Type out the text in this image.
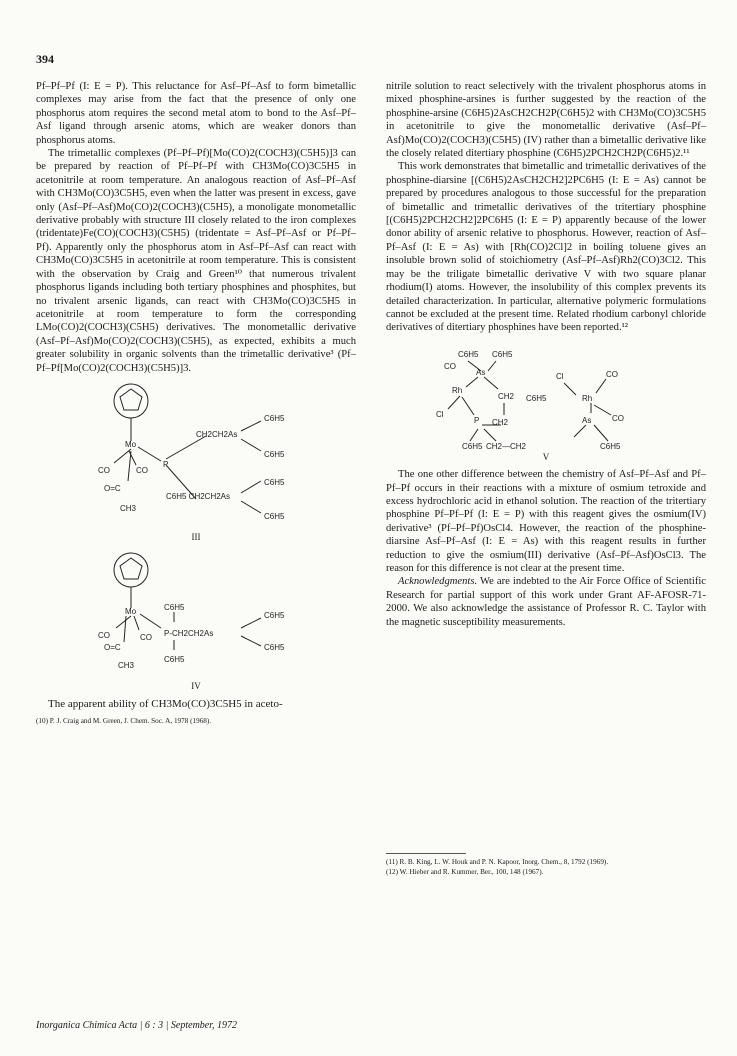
394

Pf–Pf–Pf (I: E = P). This reluctance for Asf–Pf–Asf to form bimetallic complexes may arise from the fact that the presence of only one phosphorus atom requires the second metal atom to bond to the Asf–Pf–Asf ligand through arsenic atoms, which are weaker donors than phosphorus atoms.

The trimetallic complexes (Pf–Pf–Pf)[Mo(CO)2(COCH3)(C5H5)]3 can be prepared by reaction of Pf–Pf–Pf with CH3Mo(CO)3C5H5 in acetonitrile at room temperature. An analogous reaction of Asf–Pf–Asf with CH3Mo(CO)3C5H5, even when the latter was present in excess, gave only (Asf–Pf–Asf)Mo(CO)2(COCH3)(C5H5), a monoligate monometallic derivative probably with structure III closely related to the iron complexes (tridentate)Fe(CO)(COCH3)(C5H5) (tridentate = Asf–Pf–Asf or Pf–Pf–Pf). Apparently only the phosphorus atom in Asf–Pf–Asf can react with CH3Mo(CO)3C5H5 in acetonitrile at room temperature. This is consistent with the observation by Craig and Green¹⁰ that numerous trivalent phosphorus ligands including both tertiary phosphines and phosphites, but no trivalent arsenic ligands, can react with CH3Mo(CO)3C5H5 in acetonitrile at room temperature to form the corresponding LMo(CO)2(COCH3)(C5H5) derivatives. The monometallic derivative (Asf–Pf–Asf)Mo(CO)2(COCH3)(C5H5), as expected, exhibits a much greater solubility in organic solvents than the trimetallic derivative³ (Pf–Pf–Pf[Mo(CO)2(COCH3)(C5H5)]3.

Mo
CO	CO
P
O=C
CH3
CH2CH2As
C6H5
C6H5
C6H5 CH2CH2As
C6H5
C6H5
III
Mo
CO	CO
C6H5
P-CH2CH2As
C6H5
C6H5
C6H5
O=C
CH3
IV

The apparent ability of CH3Mo(CO)3C5H5 in aceto-

(10) P. J. Craig and M. Green, J. Chem. Soc. A, 1978 (1968).

nitrile solution to react selectively with the trivalent phosphorus atoms in mixed phosphine-arsines is further suggested by the reaction of the phosphine-arsine (C6H5)2AsCH2CH2P(C6H5)2 with CH3Mo(CO)3C5H5 in acetonitrile to give the monometallic derivative (Asf–Pf–Asf)Mo(CO)2(COCH3)(C5H5) (IV) rather than a bimetallic derivative like the closely related ditertiary phosphine (C6H5)2PCH2CH2P(C6H5)2.¹¹

This work demonstrates that bimetallic and trimetallic derivatives of the phosphine-diarsine [(C6H5)2AsCH2CH2]2PC6H5 (I: E = As) cannot be prepared by procedures analogous to those successful for the preparation of bimetallic and trimetallic derivatives of the tritertiary phosphine [(C6H5)2PCH2CH2]2PC6H5 (I: E = P) apparently because of the lower donor ability of arsenic relative to phosphorus. However, reaction of Asf–Pf–Asf (I: E = As) with [Rh(CO)2Cl]2 in boiling toluene gives an insoluble brown solid of stoichiometry (Asf–Pf–Asf)Rh2(CO)3Cl2. This may be the triligate bimetallic derivative V with two square planar rhodium(I) atoms. However, the insolubility of this complex prevents its detailed characterization. In particular, alternative polymeric formulations cannot be excluded at the present time. Related rhodium carbonyl chloride derivatives of ditertiary phosphines have been reported.¹²

C6H5 C6H5
CO
As
Rh
CH2 C6H5
Cl
P CH2
C6H5 CH2—CH2
Cl	CO
Rh
As	CO
C6H5
V

The one other difference between the chemistry of Asf–Pf–Asf and Pf–Pf–Pf occurs in their reactions with a mixture of osmium tetroxide and excess hydrochloric acid in ethanol solution. The reaction of the tritertiary phosphine Pf–Pf–Pf (I: E = P) with this reagent gives the osmium(IV) derivative³ (Pf–Pf–Pf)OsCl4. However, the reaction of the phosphine-diarsine Asf–Pf–Asf (I: E = As) with this reagent results in further reduction to give the osmium(III) derivative (Asf–Pf–Asf)OsCl3. The reason for this difference is not clear at the present time.

Acknowledgments. We are indebted to the Air Force Office of Scientific Research for partial support of this work under Grant AF-AFOSR-71-2000. We also acknowledge the assistance of Professor R. C. Taylor with the magnetic susceptibility measurements.

(11) R. B. King, L. W. Houk and P. N. Kapoor, Inorg. Chem., 8, 1792 (1969).
(12) W. Hieber and R. Kummer, Ber., 100, 148 (1967).
Inorganica Chimica Acta | 6 : 3 | September, 1972
